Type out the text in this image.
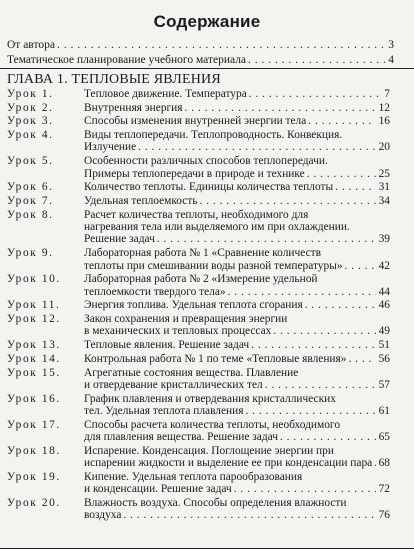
Содержание
От автора . . .	3
Тематическое планирование учебного материала . . .	4
ГЛАВА 1. ТЕПЛОВЫЕ ЯВЛЕНИЯ
Урок 1.	Тепловое движение. Температура . . .	7
Урок 2.	Внутренняя энергия . . .	12
Урок 3.	Способы изменения внутренней энергии тела . . .	16
Урок 4.	Виды теплопередачи. Теплопроводность. Конвекция.
Излучение . . .	20
Урок 5.	Особенности различных способов теплопередачи.
Примеры теплопередачи в природе и технике . . .	25
Урок 6.	Количество теплоты. Единицы количества теплоты . . .	31
Урок 7.	Удельная теплоемкость . . .	34
Урок 8.	Расчет количества теплоты, необходимого для
нагревания тела или выделяемого им при охлаждении.
Решение задач . . .	39
Урок 9.	Лабораторная работа № 1 «Сравнение количеств
теплоты при смешивании воды разной температуры» . . .	42
Урок 10.	Лабораторная работа № 2 «Измерение удельной
теплоемкости твердого тела» . . .	44
Урок 11.	Энергия топлива. Удельная теплота сгорания . . .	46
Урок 12.	Закон сохранения и превращения энергии
в механических и тепловых процессах . . .	49
Урок 13.	Тепловые явления. Решение задач . . .	51
Урок 14.	Контрольная работа № 1 по теме «Тепловые явления» . . .	56
Урок 15.	Агрегатные состояния вещества. Плавление
и отвердевание кристаллических тел . . .	57
Урок 16.	График плавления и отвердевания кристаллических
тел. Удельная теплота плавления . . .	61
Урок 17.	Способы расчета количества теплоты, необходимого
для плавления вещества. Решение задач . . .	65
Урок 18.	Испарение. Конденсация. Поглощение энергии при
испарении жидкости и выделение ее при конденсации пара . . . 68
Урок 19.	Кипение. Удельная теплота парообразования
и конденсации. Решение задач . . .	72
Урок 20.	Влажность воздуха. Способы определения влажности
воздуха . . .	76
